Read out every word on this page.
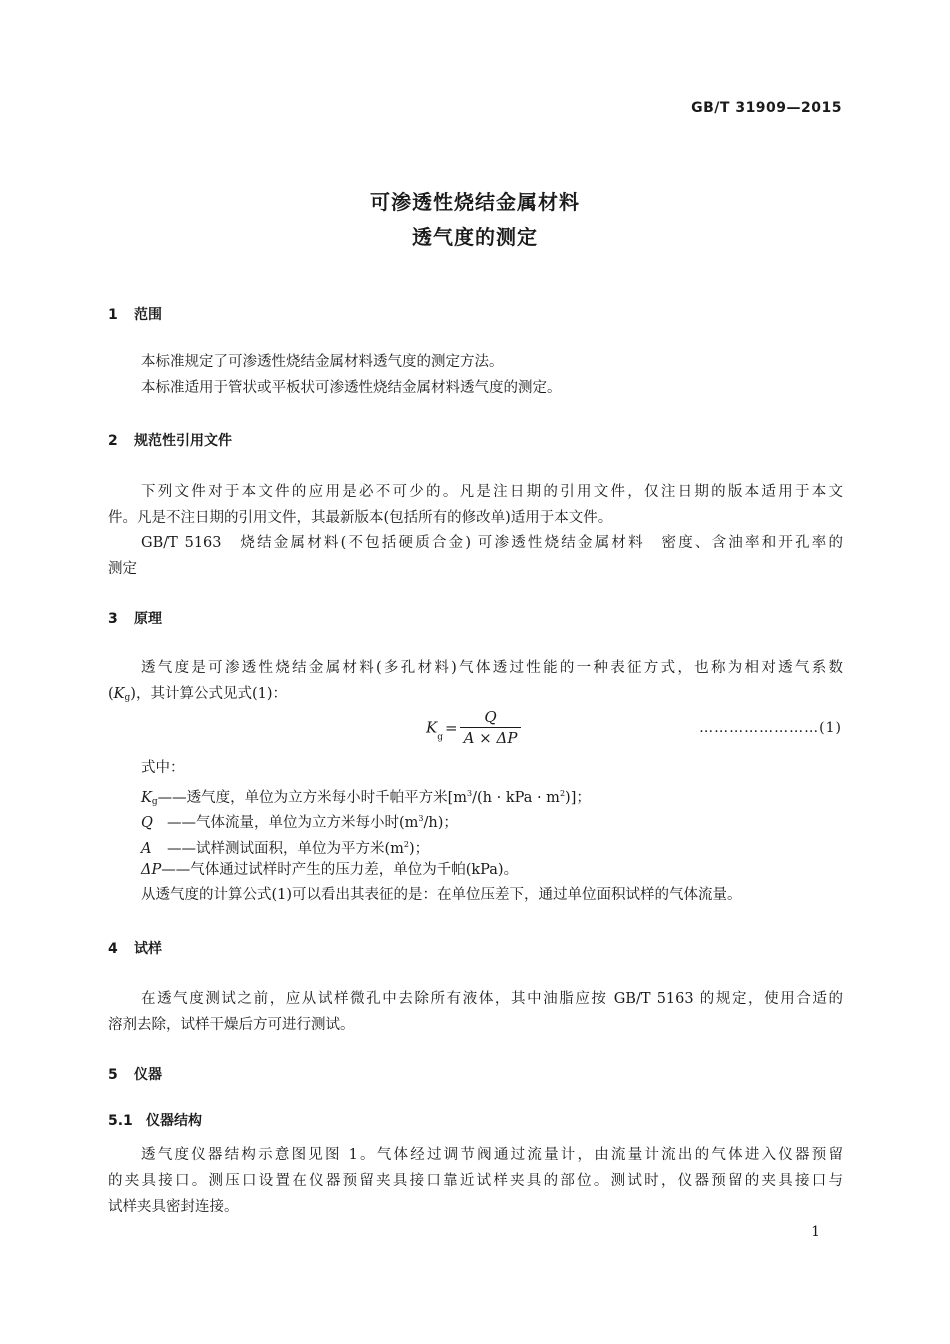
GB/T 31909—2015
可渗透性烧结金属材料
透气度的测定
1 范围
本标准规定了可渗透性烧结金属材料透气度的测定方法。
本标准适用于管状或平板状可渗透性烧结金属材料透气度的测定。
2 规范性引用文件
下列文件对于本文件的应用是必不可少的。凡是注日期的引用文件，仅注日期的版本适用于本文
件。凡是不注日期的引用文件，其最新版本(包括所有的修改单)适用于本文件。
GB/T 5163　烧结金属材料(不包括硬质合金) 可渗透性烧结金属材料　密度、含油率和开孔率的
测定
3 原理
透气度是可渗透性烧结金属材料(多孔材料)气体透过性能的一种表征方式，也称为相对透气系数
$(K_g)$，其计算公式见式(1)：
$K_g= \frac{Q}{A \times \Delta P}$	……………………(1)
式中：
$K_g——$透气度，单位为立方米每小时千帕平方米[$m^3/(h$ · kPa · $m^2$)]；
Q ——气体流量，单位为立方米每小时$(m^3/h)$；
A ——试样测试面积，单位为平方米$(m^2)$；
ΔP——气体通过试样时产生的压力差，单位为千帕(kPa)。
从透气度的计算公式(1)可以看出其表征的是：在单位压差下，通过单位面积试样的气体流量。
4 试样
在透气度测试之前，应从试样微孔中去除所有液体，其中油脂应按 GB/T 5163 的规定，使用合适的
溶剂去除，试样干燥后方可进行测试。
5 仪器
5.1 仪器结构
透气度仪器结构示意图见图 1。气体经过调节阀通过流量计，由流量计流出的气体进入仪器预留
的夹具接口。测压口设置在仪器预留夹具接口靠近试样夹具的部位。测试时，仪器预留的夹具接口与
试样夹具密封连接。
1
